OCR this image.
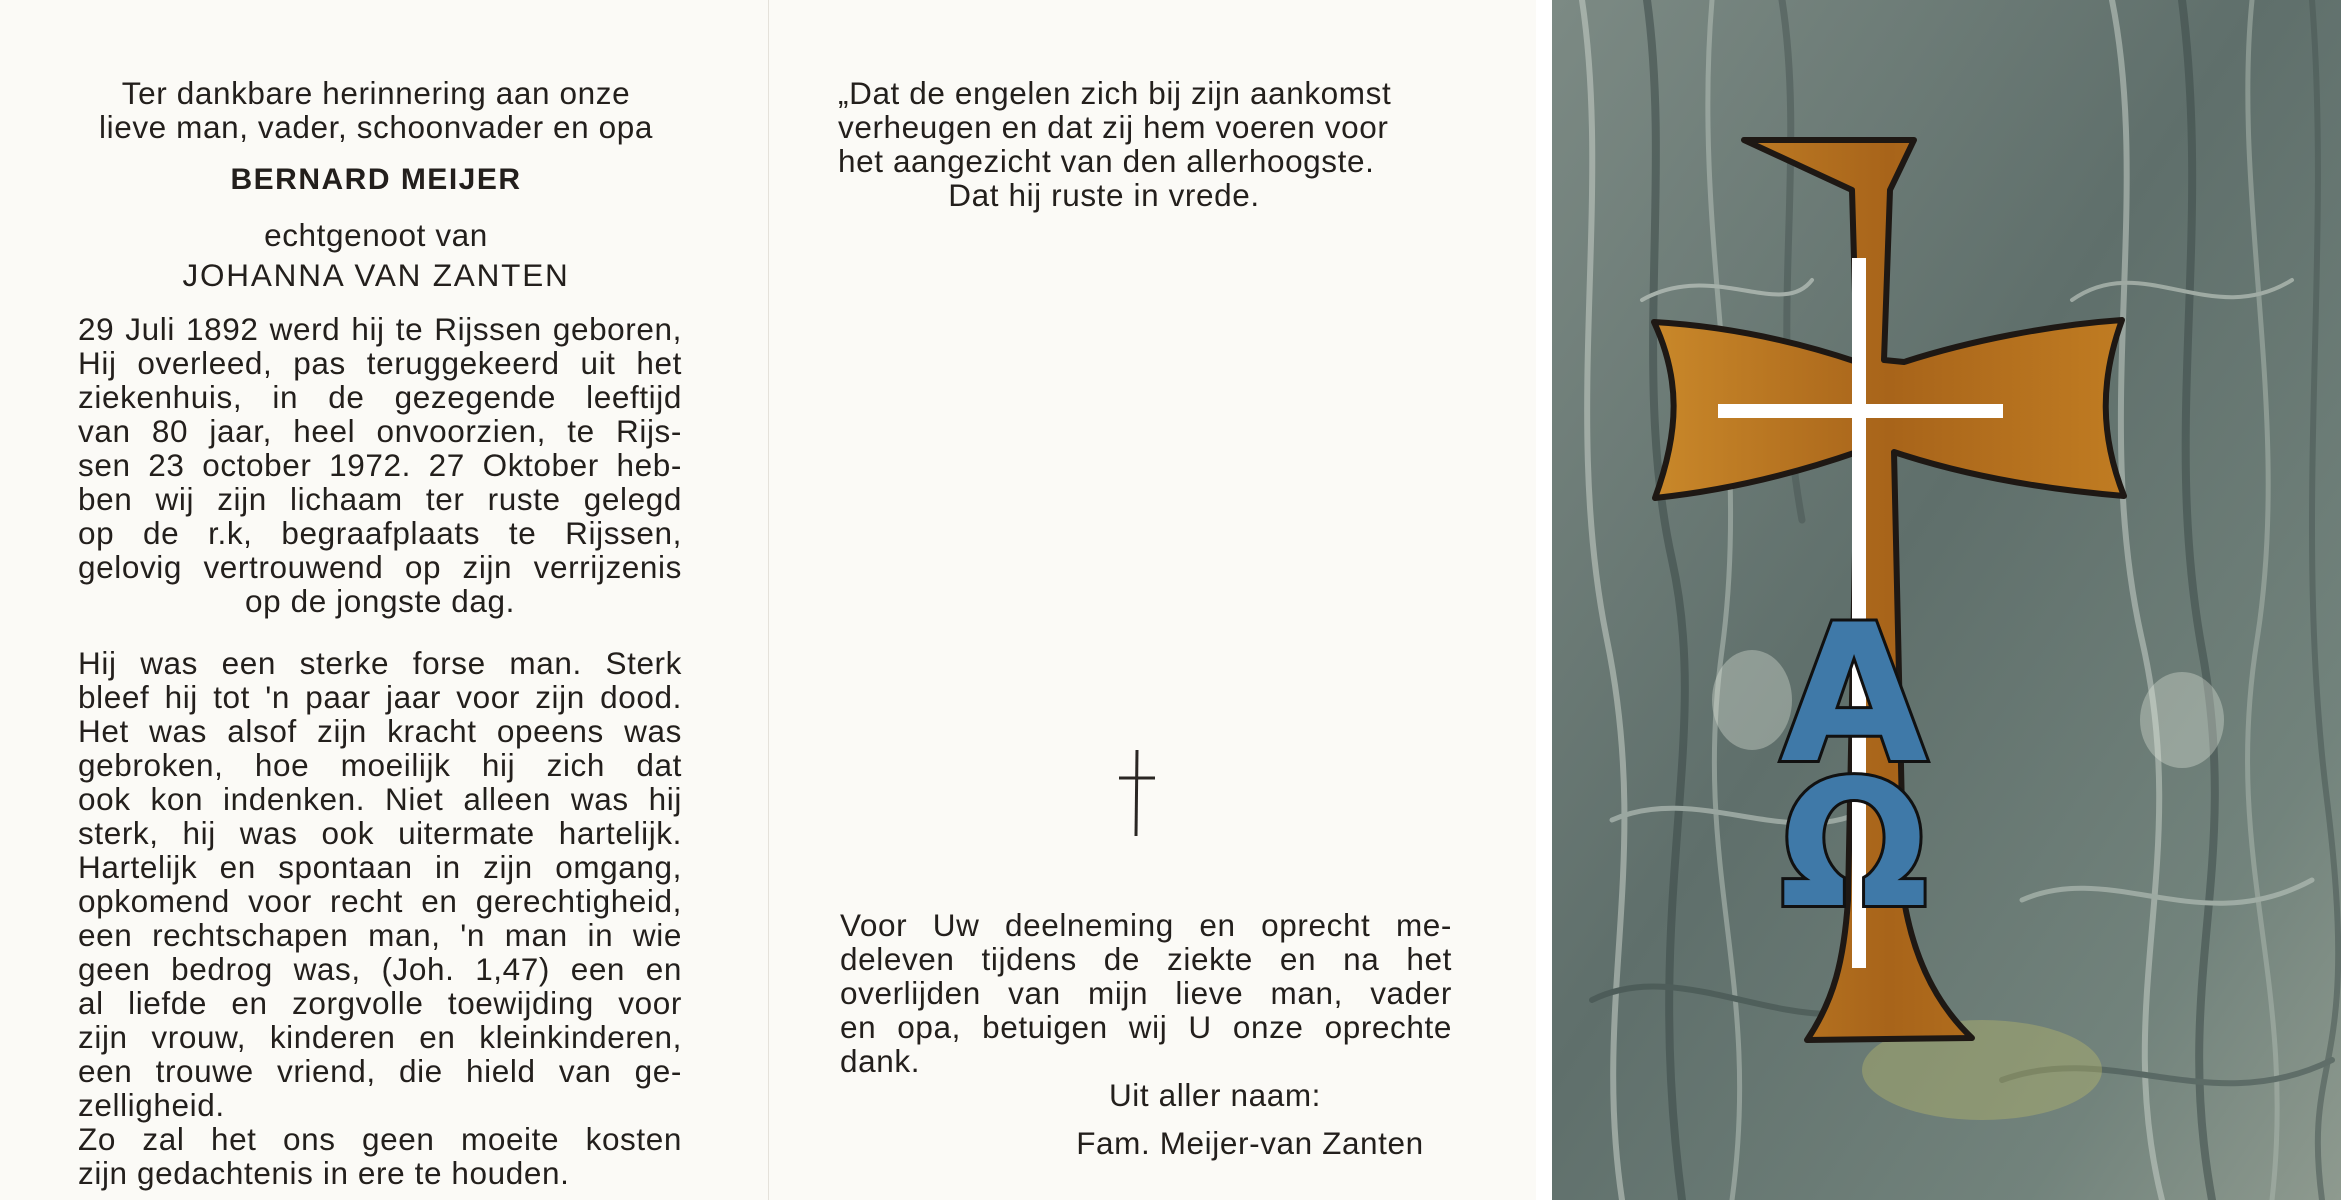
Ter dankbare herinnering aan onze

lieve man, vader, schoonvader en opa

BERNARD MEIJER
echtgenoot van
JOHANNA VAN ZANTEN

29 Juli 1892 werd hij te Rijssen geboren,

Hij overleed, pas teruggekeerd uit het

ziekenhuis, in de gezegende leeftijd

van 80 jaar, heel onvoorzien, te Rijs-

sen 23 october 1972. 27 Oktober heb-

ben wij zijn lichaam ter ruste gelegd

op de r.k, begraafplaats te Rijssen,

gelovig vertrouwend op zijn verrijzenis

op de jongste dag.

Hij was een sterke forse man. Sterk

bleef hij tot 'n paar jaar voor zijn dood.

Het was alsof zijn kracht opeens was

gebroken, hoe moeilijk hij zich dat

ook kon indenken. Niet alleen was hij

sterk, hij was ook uitermate hartelijk.

Hartelijk en spontaan in zijn omgang,

opkomend voor recht en gerechtigheid,

een rechtschapen man, 'n man in wie

geen bedrog was, (Joh. 1,47) een en

al liefde en zorgvolle toewijding voor

zijn vrouw, kinderen en kleinkinderen,

een trouwe vriend, die hield van ge-

zelligheid.

Zo zal het ons geen moeite kosten

zijn gedachtenis in ere te houden.

„Dat de engelen zich bij zijn aankomst

verheugen en dat zij hem voeren voor

het aangezicht van den allerhoogste.

Dat hij ruste in vrede.

Voor Uw deelneming en oprecht me-

deleven tijdens de ziekte en na het

overlijden van mijn lieve man, vader

en opa, betuigen wij U onze oprechte

dank.

Uit aller naam:
Fam. Meijer-van Zanten
A
Ω
